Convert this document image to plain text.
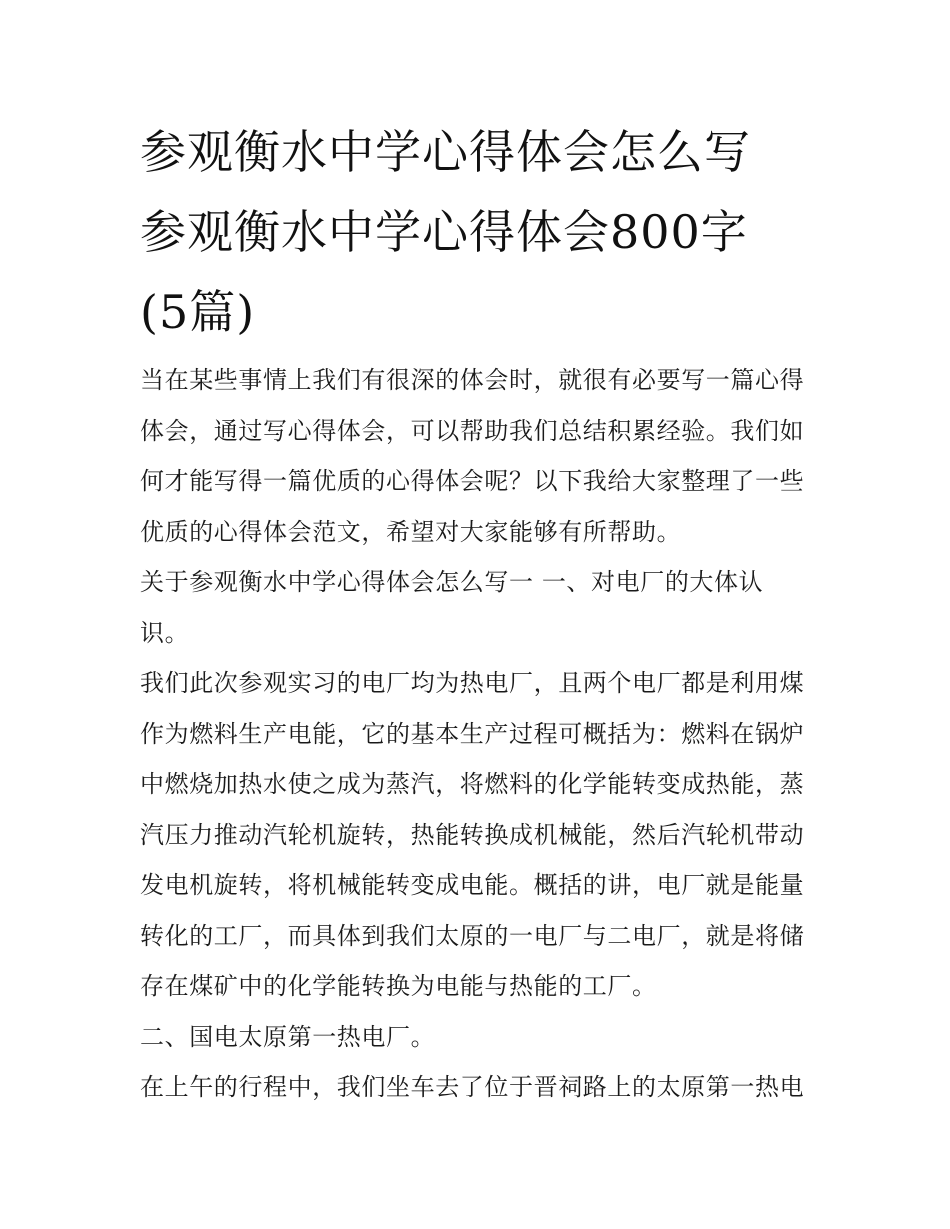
参观衡水中学心得体会怎么写
参观衡水中学心得体会800字
(5篇)
当在某些事情上我们有很深的体会时，就很有必要写一篇心得
体会，通过写心得体会，可以帮助我们总结积累经验。我们如
何才能写得一篇优质的心得体会呢？以下我给大家整理了一些
优质的心得体会范文，希望对大家能够有所帮助。
关于参观衡水中学心得体会怎么写一 一、对电厂的大体认
识。
我们此次参观实习的电厂均为热电厂，且两个电厂都是利用煤
作为燃料生产电能，它的基本生产过程可概括为：燃料在锅炉
中燃烧加热水使之成为蒸汽，将燃料的化学能转变成热能，蒸
汽压力推动汽轮机旋转，热能转换成机械能，然后汽轮机带动
发电机旋转，将机械能转变成电能。概括的讲，电厂就是能量
转化的工厂，而具体到我们太原的一电厂与二电厂，就是将储
存在煤矿中的化学能转换为电能与热能的工厂。
二、国电太原第一热电厂。
在上午的行程中，我们坐车去了位于晋祠路上的太原第一热电
